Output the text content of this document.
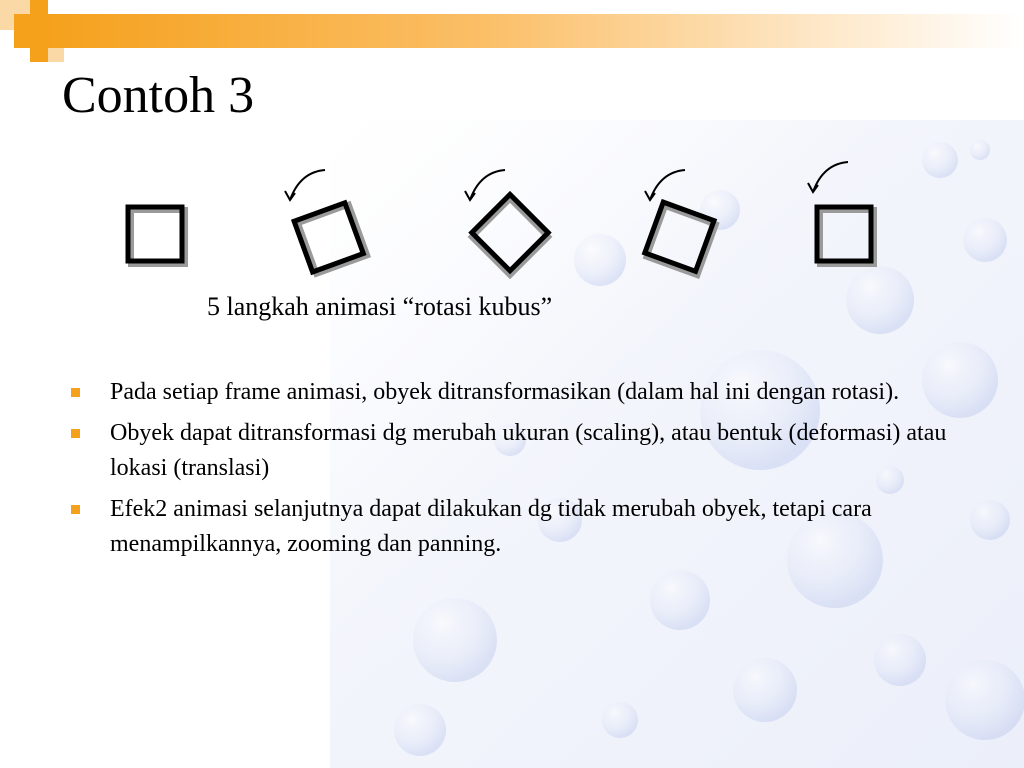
Contoh 3

5 langkah animasi “rotasi kubus”

Pada setiap frame animasi, obyek ditransformasikan (dalam hal ini dengan rotasi).
Obyek dapat ditransformasi dg merubah ukuran (scaling), atau bentuk (deformasi) atau lokasi (translasi)
Efek2 animasi selanjutnya dapat dilakukan dg tidak merubah obyek, tetapi cara menampilkannya, zooming dan panning.
